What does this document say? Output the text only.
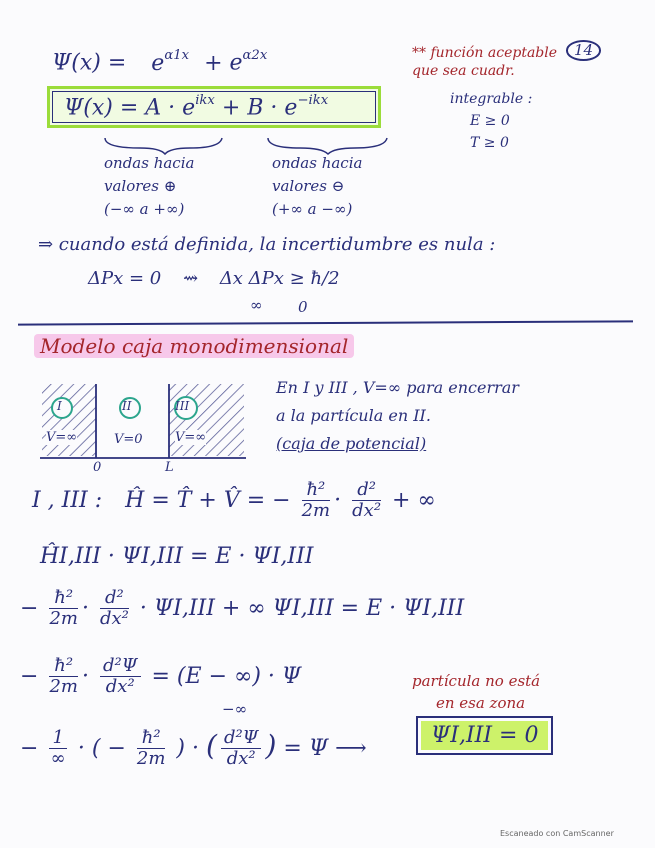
$\Psi(x) = e^{\alpha 1x} + e^{\alpha 2x}$
$\Psi(x) = A \cdot e^{ikx} + B \cdot e^{-ikx}$
** función aceptable
que sea cuadr.
integrable :
E ≥ 0
T ≥ 0
14
ondas hacia
valores ⊕
(−∞ a +∞)
ondas hacia
valores ⊖
(+∞ a −∞)
⇒ cuando está definida, la incertidumbre es nula :
ΔPx = 0 ⇝ Δx ΔPx ≥ ħ/2
∞ 0
Modelo caja monodimensional
I	II	III
V=∞	V=0 V=∞
0	L
En I y III , V=∞ para encerrar
a la partícula en II.
(caja de potencial)
I , III : Ĥ = T̂ + V̂ = − $\frac{\text{ħ²}}{2m} \cdot \frac{\text{d²}}{\text{dx²}}$ + ∞
ĤI,III · ΨI,III = E · ΨI,III
− $\frac{\text{ħ²}}{2m} \cdot \frac{\text{d²}}{\text{dx²}} \cdot \Psi I,III$ + ∞ ΨI,III = E · ΨI,III
− $\frac{\text{ħ²}}{2m} \cdot \frac{\text{d²Ψ}}{\text{dx²}} = (E$ − ∞) · Ψ
−∞
partícula no está
en esa zona
− $\frac{1}{\infty}$ · ( − $\frac{\text{ħ²}}{2m}$ ) · ( $\frac{\text{d²Ψ}}{\text{dx²}}$ ) = Ψ ⟶
ΨI,III = 0
Escaneado con CamScanner
